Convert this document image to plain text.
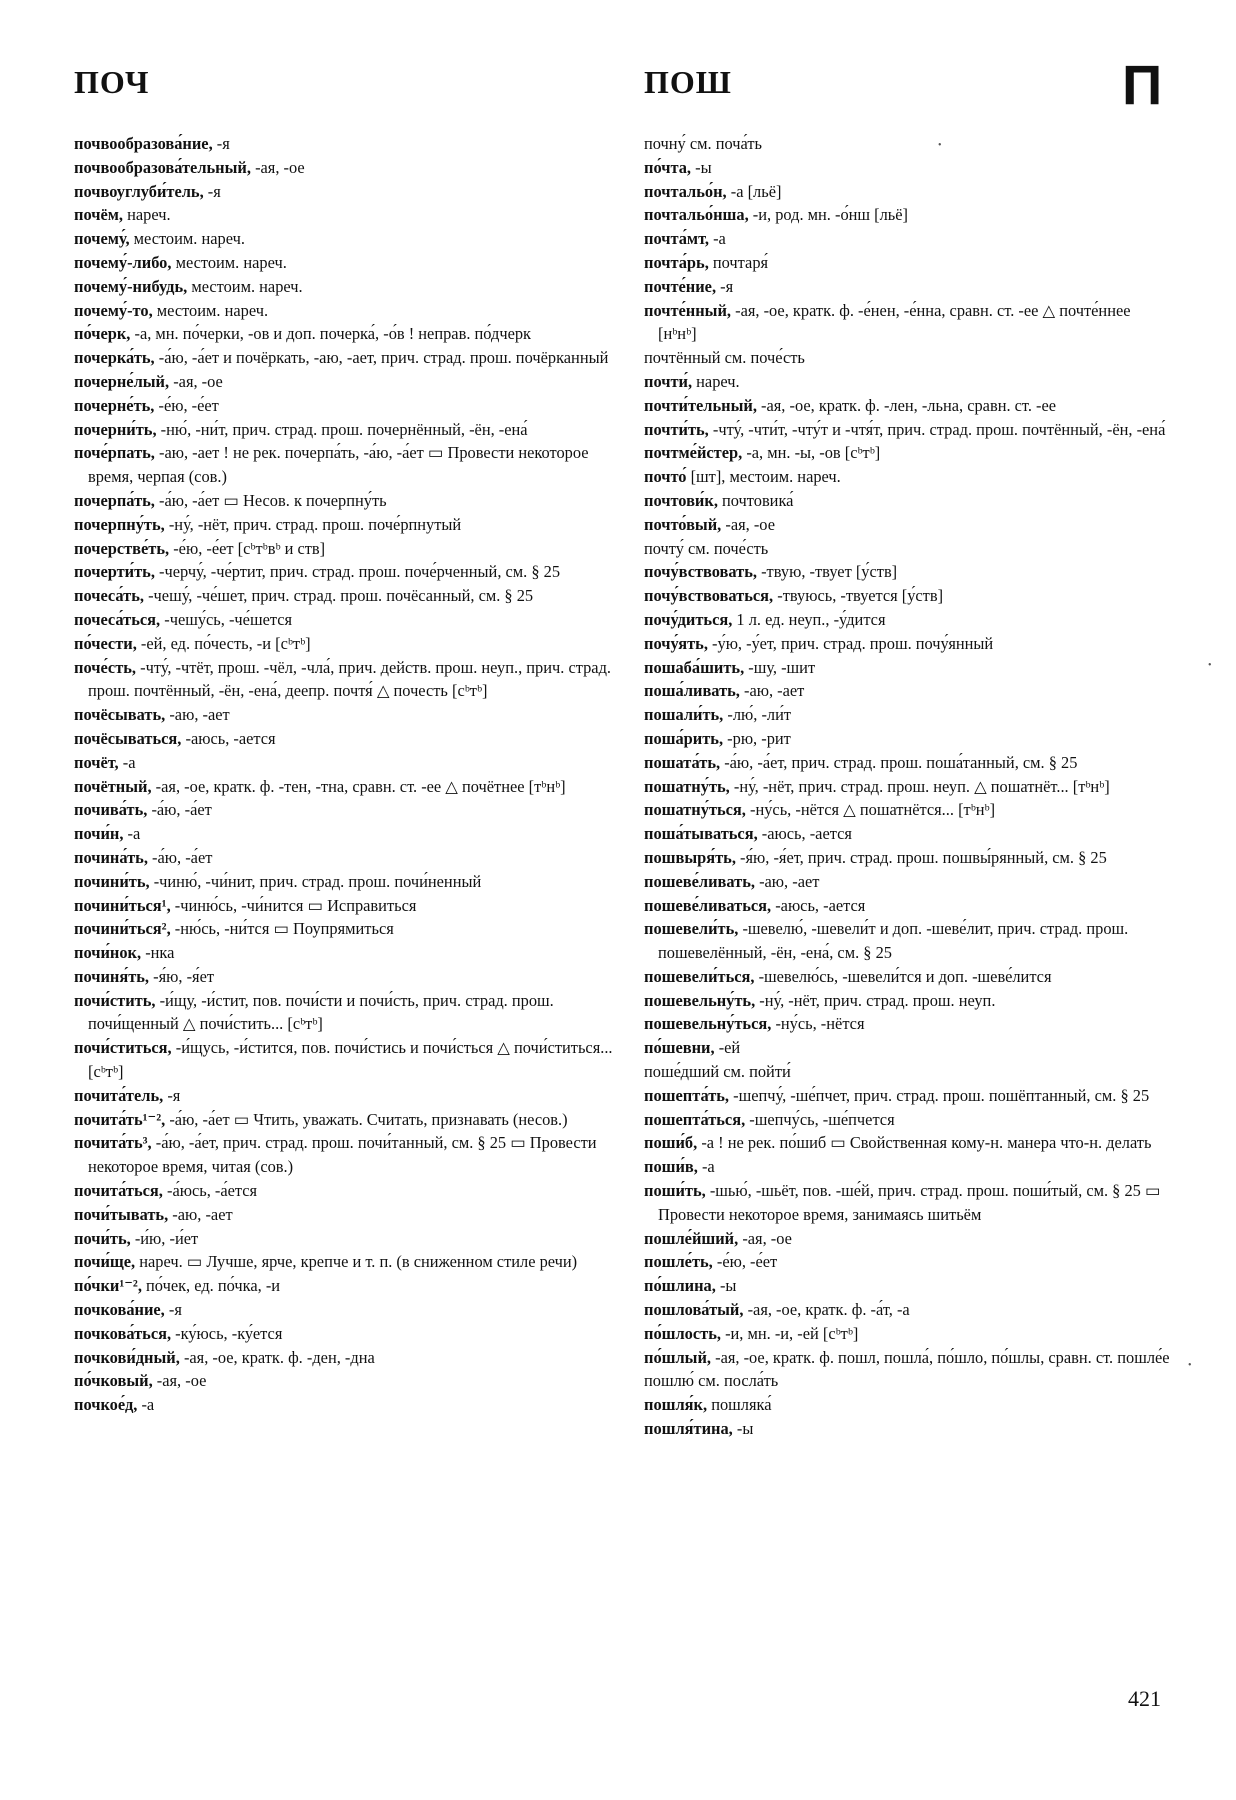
ПОЧ	ПОШ	П

почвообразова́ние, -я

почвообразова́тельный, -ая, -ое

почвоуглуби́тель, -я

почём, нареч.

почему́, местоим. нареч.

почему́-либо, местоим. нареч.

почему́-нибудь, местоим. нареч.

почему́-то, местоим. нареч.

по́черк, -а, мн. по́черки, -ов и доп. почерка́, -о́в ! неправ. по́дчерк

почерка́ть, -а́ю, -а́ет и почёркать, -аю, -ает, прич. страд. прош. почёрканный

почерне́лый, -ая, -ое

почерне́ть, -е́ю, -е́ет

почерни́ть, -ню́, -ни́т, прич. страд. прош. почернённый, -ён, -ена́

поче́рпать, -аю, -ает ! не рек. почерпа́ть, -а́ю, -а́ет ▭ Провести некоторое время, черпая (сов.)

почерпа́ть, -а́ю, -а́ет ▭ Несов. к почерпну́ть

почерпну́ть, -ну́, -нёт, прич. страд. прош. поче́рпнутый

почерстве́ть, -е́ю, -е́ет [сᵇтᵇвᵇ и ств]

почерти́ть, -черчу́, -че́ртит, прич. страд. прош. поче́рченный, см. § 25

почеса́ть, -чешу́, -че́шет, прич. страд. прош. почёсанный, см. § 25

почеса́ться, -чешу́сь, -че́шется

по́чести, -ей, ед. по́честь, -и [сᵇтᵇ]

поче́сть, -чту́, -чтёт, прош. -чёл, -чла́, прич. действ. прош. неуп., прич. страд. прош. почтённый, -ён, -ена́, деепр. почтя́ △ почесть [сᵇтᵇ]

почёсывать, -аю, -ает

почёсываться, -аюсь, -ается

почёт, -а

почётный, -ая, -ое, кратк. ф. -тен, -тна, сравн. ст. -ее △ почётнее [тᵇнᵇ]

почива́ть, -а́ю, -а́ет

почи́н, -а

почина́ть, -а́ю, -а́ет

почини́ть, -чиню́, -чи́нит, прич. страд. прош. почи́ненный

почини́ться¹, -чиню́сь, -чи́нится ▭ Исправиться

почини́ться², -ню́сь, -ни́тся ▭ Поупрямиться

почи́нок, -нка

починя́ть, -я́ю, -я́ет

почи́стить, -и́щу, -и́стит, пов. почи́сти и почи́сть, прич. страд. прош. почи́щенный △ почи́стить... [сᵇтᵇ]

почи́ститься, -и́щусь, -и́стится, пов. почи́стись и почи́сться △ почи́ститься... [сᵇтᵇ]

почита́тель, -я

почита́ть¹⁻², -а́ю, -а́ет ▭ Чтить, уважать. Считать, признавать (несов.)

почита́ть³, -а́ю, -а́ет, прич. страд. прош. почи́танный, см. § 25 ▭ Провести некоторое время, читая (сов.)

почита́ться, -а́юсь, -а́ется

почи́тывать, -аю, -ает

почи́ть, -и́ю, -и́ет

почи́ще, нареч. ▭ Лучше, ярче, крепче и т. п. (в сниженном стиле речи)

по́чки¹⁻², по́чек, ед. по́чка, -и

почкова́ние, -я

почкова́ться, -ку́юсь, -ку́ется

почкови́дный, -ая, -ое, кратк. ф. -ден, -дна

по́чковый, -ая, -ое

почкое́д, -а

почну́ см. поча́ть

по́чта, -ы

почтальо́н, -а [льё]

почтальо́нша, -и, род. мн. -о́нш [льё]

почта́мт, -а

почта́рь, почтаря́

почте́ние, -я

почте́нный, -ая, -ое, кратк. ф. -е́нен, -е́нна, сравн. ст. -ее △ почте́ннее [нᵇнᵇ]

почтённый см. поче́сть

почти́, нареч.

почти́тельный, -ая, -ое, кратк. ф. -лен, -льна, сравн. ст. -ее

почти́ть, -чту́, -чти́т, -чту́т и -чтя́т, прич. страд. прош. почтённый, -ён, -ена́

почтме́йстер, -а, мн. -ы, -ов [сᵇтᵇ]

почто́ [шт], местоим. нареч.

почтови́к, почтовика́

почто́вый, -ая, -ое

почту́ см. поче́сть

почу́вствовать, -твую, -твует [у́ств]

почу́вствоваться, -твуюсь, -твуется [у́ств]

почу́диться, 1 л. ед. неуп., -у́дится

почу́ять, -у́ю, -у́ет, прич. страд. прош. почу́янный

пошаба́шить, -шу, -шит

поша́ливать, -аю, -ает

пошали́ть, -лю́, -ли́т

поша́рить, -рю, -рит

пошата́ть, -а́ю, -а́ет, прич. страд. прош. поша́танный, см. § 25

пошатну́ть, -ну́, -нёт, прич. страд. прош. неуп. △ пошатнёт... [тᵇнᵇ]

пошатну́ться, -ну́сь, -нётся △ пошатнётся... [тᵇнᵇ]

поша́тываться, -аюсь, -ается

пошвыря́ть, -я́ю, -я́ет, прич. страд. прош. пошвы́рянный, см. § 25

пошеве́ливать, -аю, -ает

пошеве́ливаться, -аюсь, -ается

пошевели́ть, -шевелю́, -шевели́т и доп. -шеве́лит, прич. страд. прош. пошевелённый, -ён, -ена́, см. § 25

пошевели́ться, -шевелю́сь, -шевели́тся и доп. -шеве́лится

пошевельну́ть, -ну́, -нёт, прич. страд. прош. неуп.

пошевельну́ться, -ну́сь, -нётся

по́шевни, -ей

поше́дший см. пойти́

пошепта́ть, -шепчу́, -ше́пчет, прич. страд. прош. пошёптанный, см. § 25

пошепта́ться, -шепчу́сь, -ше́пчется

поши́б, -а ! не рек. по́шиб ▭ Свойственная кому-н. манера что-н. делать

поши́в, -а

поши́ть, -шью́, -шьёт, пов. -ше́й, прич. страд. прош. поши́тый, см. § 25 ▭ Провести некоторое время, занимаясь шитьём

пошле́йший, -ая, -ое

пошле́ть, -е́ю, -е́ет

по́шлина, -ы

пошлова́тый, -ая, -ое, кратк. ф. -а́т, -а

по́шлость, -и, мн. -и, -ей [сᵇтᵇ]

по́шлый, -ая, -ое, кратк. ф. пошл, пошла́, по́шло, по́шлы, сравн. ст. пошле́е

пошлю́ см. посла́ть

пошля́к, пошляка́

пошля́тина, -ы

421
•
•
•
